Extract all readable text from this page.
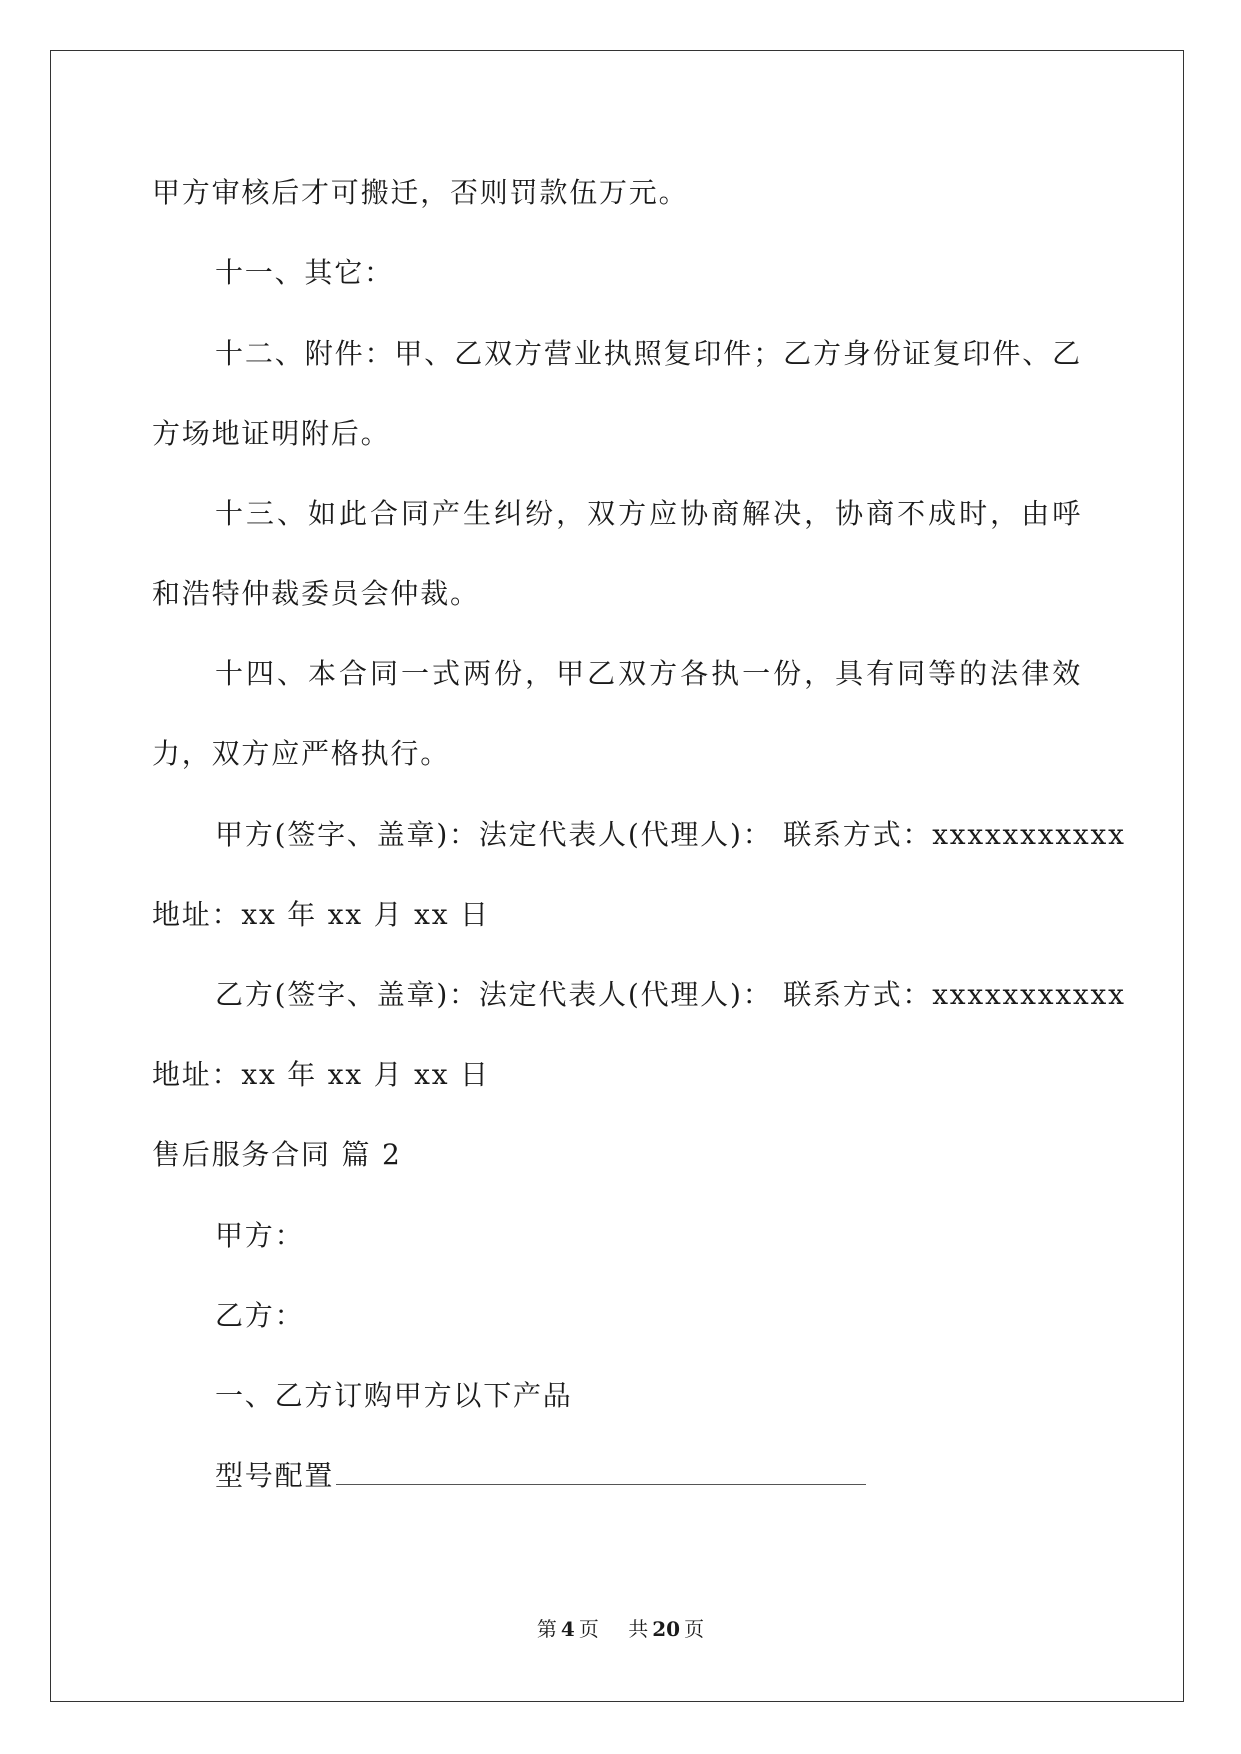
甲方审核后才可搬迁，否则罚款伍万元。
十一、其它：
十二、附件：甲、乙双方营业执照复印件；乙方身份证复印件、乙
方场地证明附后。
十三、如此合同产生纠纷，双方应协商解决，协商不成时，由呼
和浩特仲裁委员会仲裁。
十四、本合同一式两份，甲乙双方各执一份，具有同等的法律效
力，双方应严格执行。
甲方(签字、盖章)：法定代表人(代理人)： 联系方式：xxxxxxxxxxx
地址：xx 年 xx 月 xx 日
乙方(签字、盖章)：法定代表人(代理人)： 联系方式：xxxxxxxxxxx
地址：xx 年 xx 月 xx 日
售后服务合同 篇 2
甲方：
乙方：
一、乙方订购甲方以下产品
型号配置
第 4 页 共 20 页
